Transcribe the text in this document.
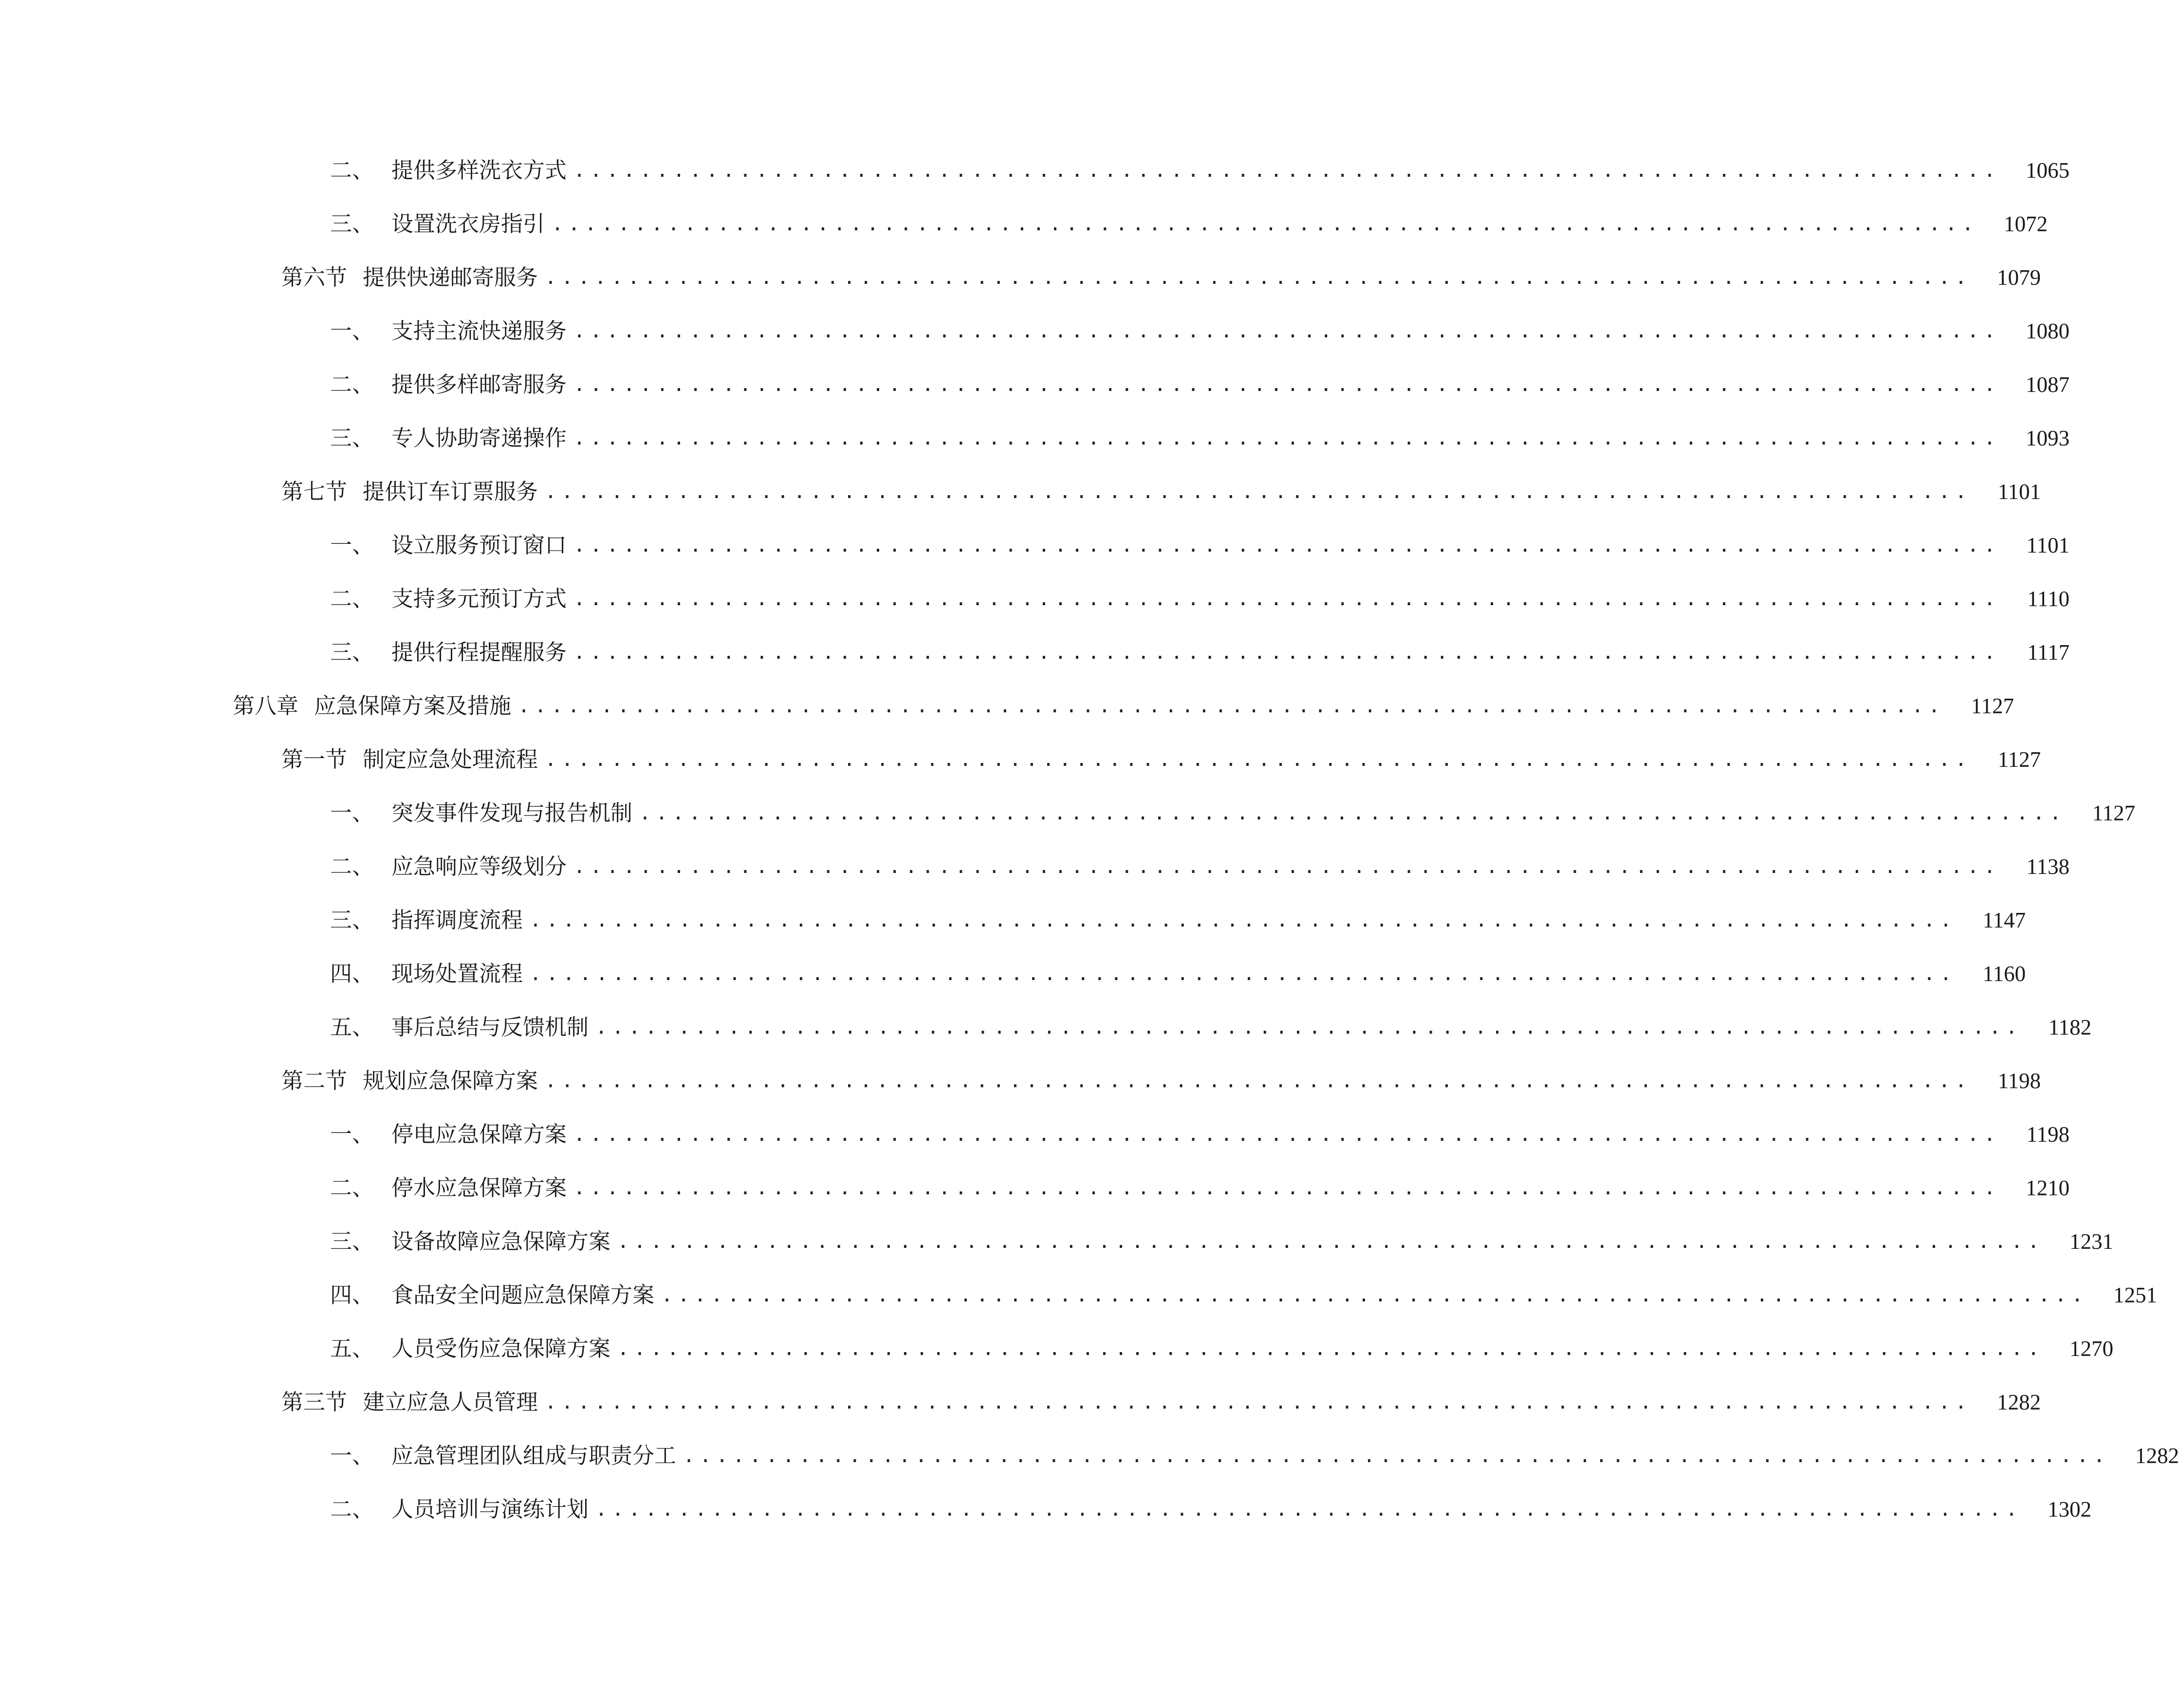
二、 提供多样洗衣方式 ......................................................................................	1065
三、 设置洗衣房指引 ......................................................................................	1072
第六节 提供快递邮寄服务 ......................................................................................	1079
一、 支持主流快递服务 ......................................................................................	1080
二、 提供多样邮寄服务 ......................................................................................	1087
三、 专人协助寄递操作 ......................................................................................	1093
第七节 提供订车订票服务 ......................................................................................	1101
一、 设立服务预订窗口 ......................................................................................	1101
二、 支持多元预订方式 ......................................................................................	1110
三、 提供行程提醒服务 ......................................................................................	1117
第八章 应急保障方案及措施 ......................................................................................	1127
第一节 制定应急处理流程 ......................................................................................	1127
一、 突发事件发现与报告机制 ......................................................................................	1127
二、 应急响应等级划分 ......................................................................................	1138
三、 指挥调度流程 ......................................................................................	1147
四、 现场处置流程 ......................................................................................	1160
五、 事后总结与反馈机制 ......................................................................................	1182
第二节 规划应急保障方案 ......................................................................................	1198
一、 停电应急保障方案 ......................................................................................	1198
二、 停水应急保障方案 ......................................................................................	1210
三、 设备故障应急保障方案 ......................................................................................	1231
四、 食品安全问题应急保障方案 ......................................................................................	1251
五、 人员受伤应急保障方案 ......................................................................................	1270
第三节 建立应急人员管理 ......................................................................................	1282
一、 应急管理团队组成与职责分工 ......................................................................................	1282
二、 人员培训与演练计划 ......................................................................................	1302
